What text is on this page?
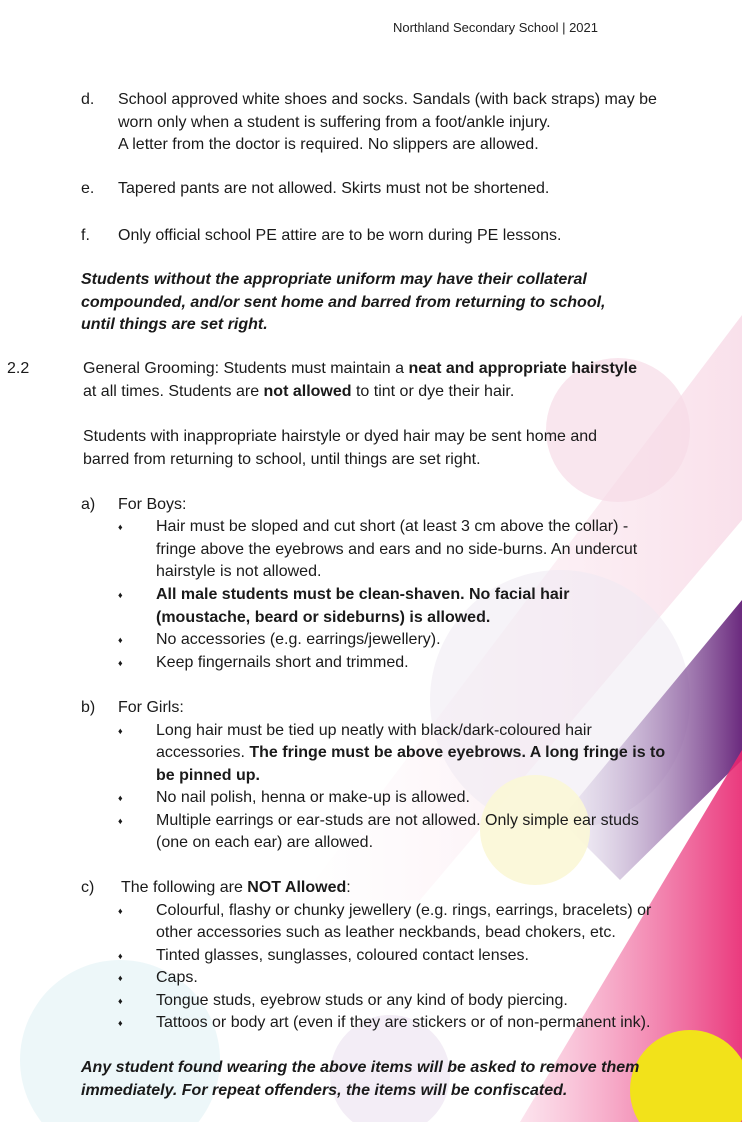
Northland Secondary School | 2021
d. School approved white shoes and socks. Sandals (with back straps) may be
worn only when a student is suffering from a foot/ankle injury.
A letter from the doctor is required. No slippers are allowed.
e. Tapered pants are not allowed. Skirts must not be shortened.
f. Only official school PE attire are to be worn during PE lessons.
Students without the appropriate uniform may have their collateral
compounded, and/or sent home and barred from returning to school,
until things are set right.
2.2	General Grooming: Students must maintain a neat and appropriate hairstyle
at all times. Students are not allowed to tint or dye their hair.
Students with inappropriate hairstyle or dyed hair may be sent home and
barred from returning to school, until things are set right.
a) For Boys:
♦ Hair must be sloped and cut short (at least 3 cm above the collar) -
fringe above the eyebrows and ears and no side-burns. An undercut
hairstyle is not allowed.
♦ All male students must be clean-shaven. No facial hair
(moustache, beard or sideburns) is allowed.
♦ No accessories (e.g. earrings/jewellery).
♦ Keep fingernails short and trimmed.
b) For Girls:
♦ Long hair must be tied up neatly with black/dark-coloured hair
accessories. The fringe must be above eyebrows. A long fringe is to
be pinned up.
♦ No nail polish, henna or make-up is allowed.
♦ Multiple earrings or ear-studs are not allowed. Only simple ear studs
(one on each ear) are allowed.
c) The following are NOT Allowed:
♦ Colourful, flashy or chunky jewellery (e.g. rings, earrings, bracelets) or
other accessories such as leather neckbands, bead chokers, etc.
♦ Tinted glasses, sunglasses, coloured contact lenses.
♦ Caps.
♦ Tongue studs, eyebrow studs or any kind of body piercing.
♦ Tattoos or body art (even if they are stickers or of non-permanent ink).
Any student found wearing the above items will be asked to remove them
immediately. For repeat offenders, the items will be confiscated.
